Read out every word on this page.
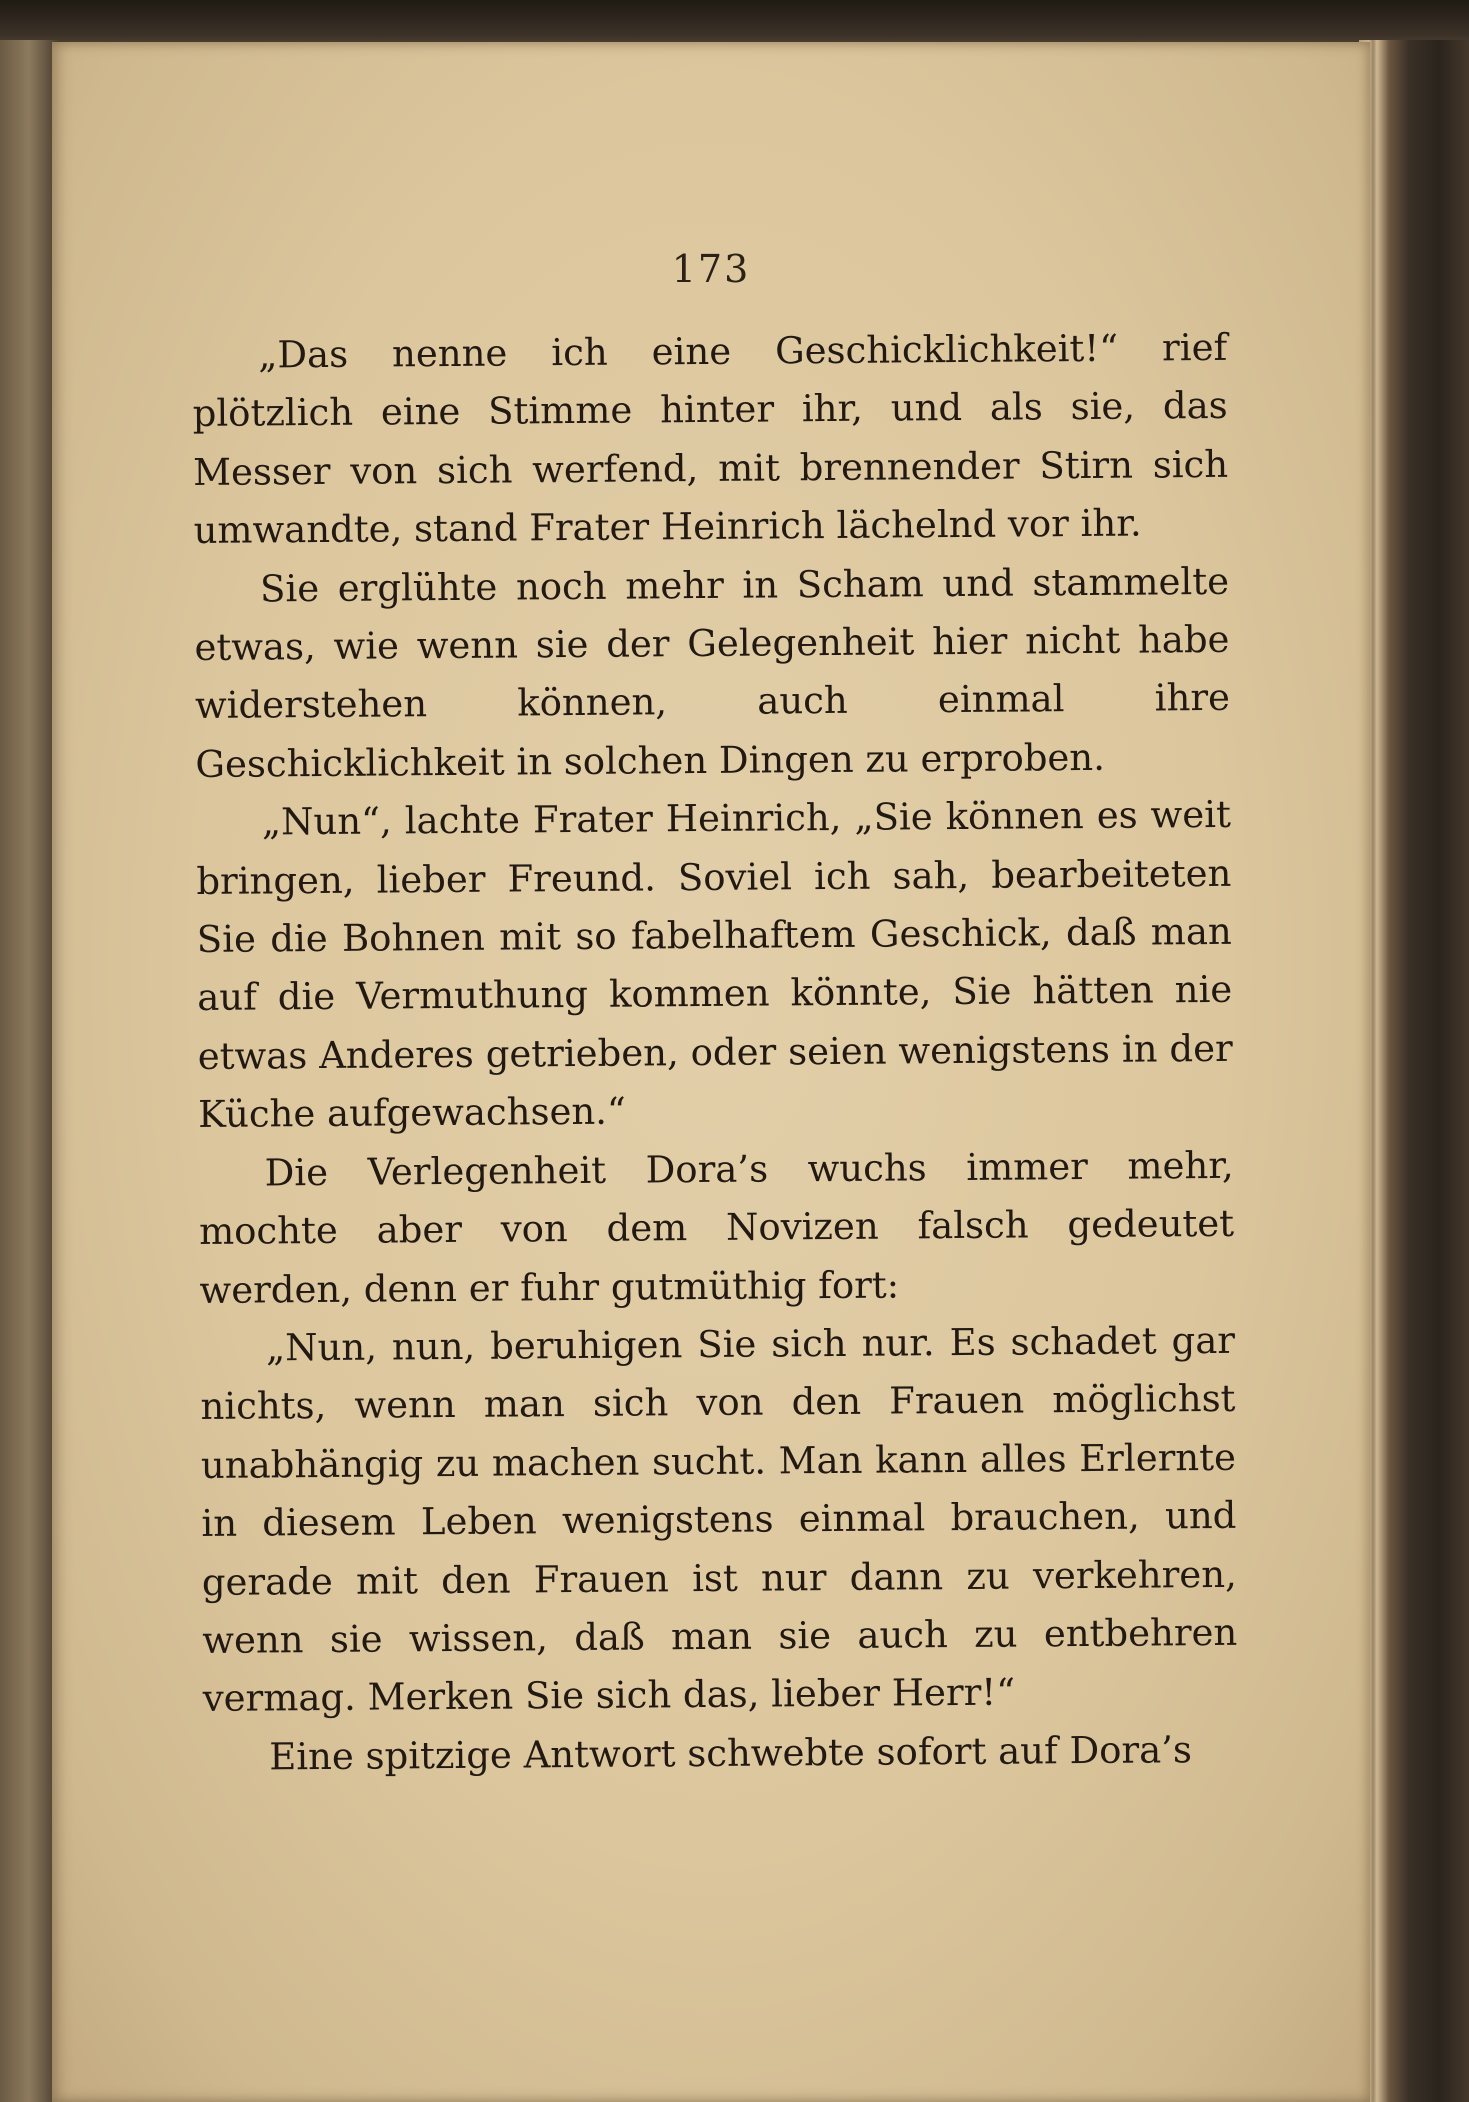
173

„Das nenne ich eine Geschicklichkeit!“ rief plötzlich eine Stimme hinter ihr, und als sie, das Messer von sich werfend, mit brennender Stirn sich umwandte, stand Frater Heinrich lächelnd vor ihr.

Sie erglühte noch mehr in Scham und stammelte etwas, wie wenn sie der Gelegenheit hier nicht habe widerstehen können, auch einmal ihre Geschicklichkeit in solchen Dingen zu erproben.

„Nun“, lachte Frater Heinrich, „Sie können es weit bringen, lieber Freund. Soviel ich sah, bearbeiteten Sie die Bohnen mit so fabelhaftem Geschick, daß man auf die Vermuthung kommen könnte, Sie hätten nie etwas Anderes getrieben, oder seien wenigstens in der Küche aufgewachsen.“

Die Verlegenheit Dora’s wuchs immer mehr, mochte aber von dem Novizen falsch gedeutet werden, denn er fuhr gutmüthig fort:

„Nun, nun, beruhigen Sie sich nur. Es schadet gar nichts, wenn man sich von den Frauen möglichst unabhängig zu machen sucht. Man kann alles Erlernte in diesem Leben wenigstens einmal brauchen, und gerade mit den Frauen ist nur dann zu verkehren, wenn sie wissen, daß man sie auch zu entbehren vermag. Merken Sie sich das, lieber Herr!“

Eine spitzige Antwort schwebte sofort auf Dora’s
